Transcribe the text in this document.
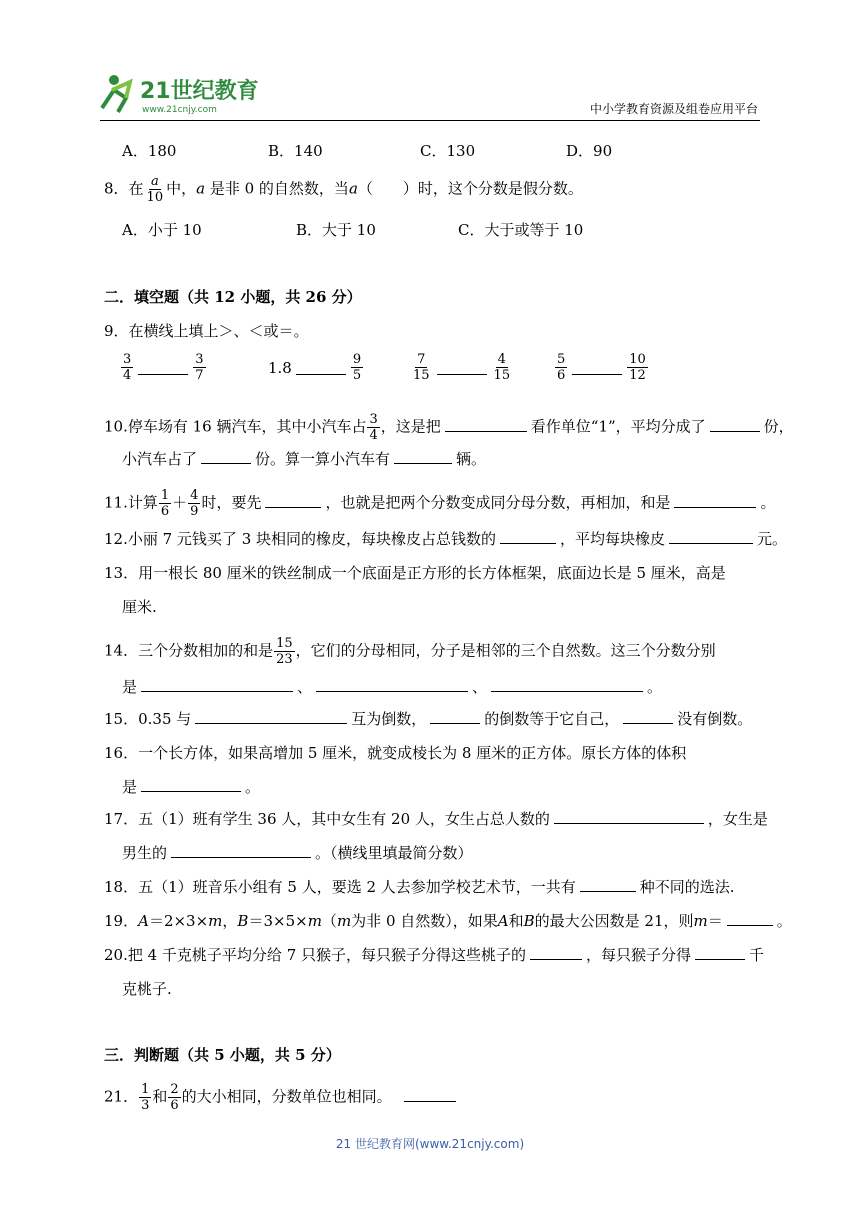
21世纪教育
www.21cnjy.com	中小学教育资源及组卷应用平台
A．180	B．140	C．130	D．90
8．在 $\frac{a}{10}$ 中，a 是非 0 的自然数，当a（　　）时，这个分数是假分数。
A．小于 10	B．大于 10	C．大于或等于 10
二．填空题（共 12 小题，共 26 分）
9．在横线上填上＞、＜或＝。
$\frac{3}{4}$	$\frac{3}{7}$	1.8	$\frac{9}{5}$	$\frac{7}{15}$	$\frac{4}{15}$	$\frac{5}{6}$	$\frac{10}{12}$
10.停车场有 16 辆汽车，其中小汽车占 $\frac{3}{4}$ ，这是把	看作单位“1”，平均分成了	份，
小汽车占了	份。算一算小汽车有	辆。
11.计算 $\frac{1}{6} + \frac{4}{9}$ 时，要先	，也就是把两个分数变成同分母分数，再相加，和是	。
12.小丽 7 元钱买了 3 块相同的橡皮，每块橡皮占总钱数的	，平均每块橡皮	元。
13．用一根长 80 厘米的铁丝制成一个底面是正方形的长方体框架，底面边长是 5 厘米，高是
厘米.
14．三个分数相加的和是 $\frac{15}{23}$ ，它们的分母相同，分子是相邻的三个自然数。这三个分数分别
是	、	、	。
15．0.35 与	互为倒数，	的倒数等于它自己，	没有倒数。
16．一个长方体，如果高增加 5 厘米，就变成棱长为 8 厘米的正方体。原长方体的体积
是	。
17．五（1）班有学生 36 人，其中女生有 20 人，女生占总人数的	，女生是
男生的	。（横线里填最简分数）
18．五（1）班音乐小组有 5 人，要选 2 人去参加学校艺术节，一共有	种不同的选法.
19．A＝2×3×m，B＝3×5×m（m为非 0 自然数），如果A和B的最大公因数是 21，则m＝	。
20.把 4 千克桃子平均分给 7 只猴子，每只猴子分得这些桃子的	，每只猴子分得	千
克桃子.
三．判断题（共 5 小题，共 5 分）
21． $\frac{1}{3}$ 和 $\frac{2}{6}$ 的大小相同，分数单位也相同。
21 世纪教育网(www.21cnjy.com)
